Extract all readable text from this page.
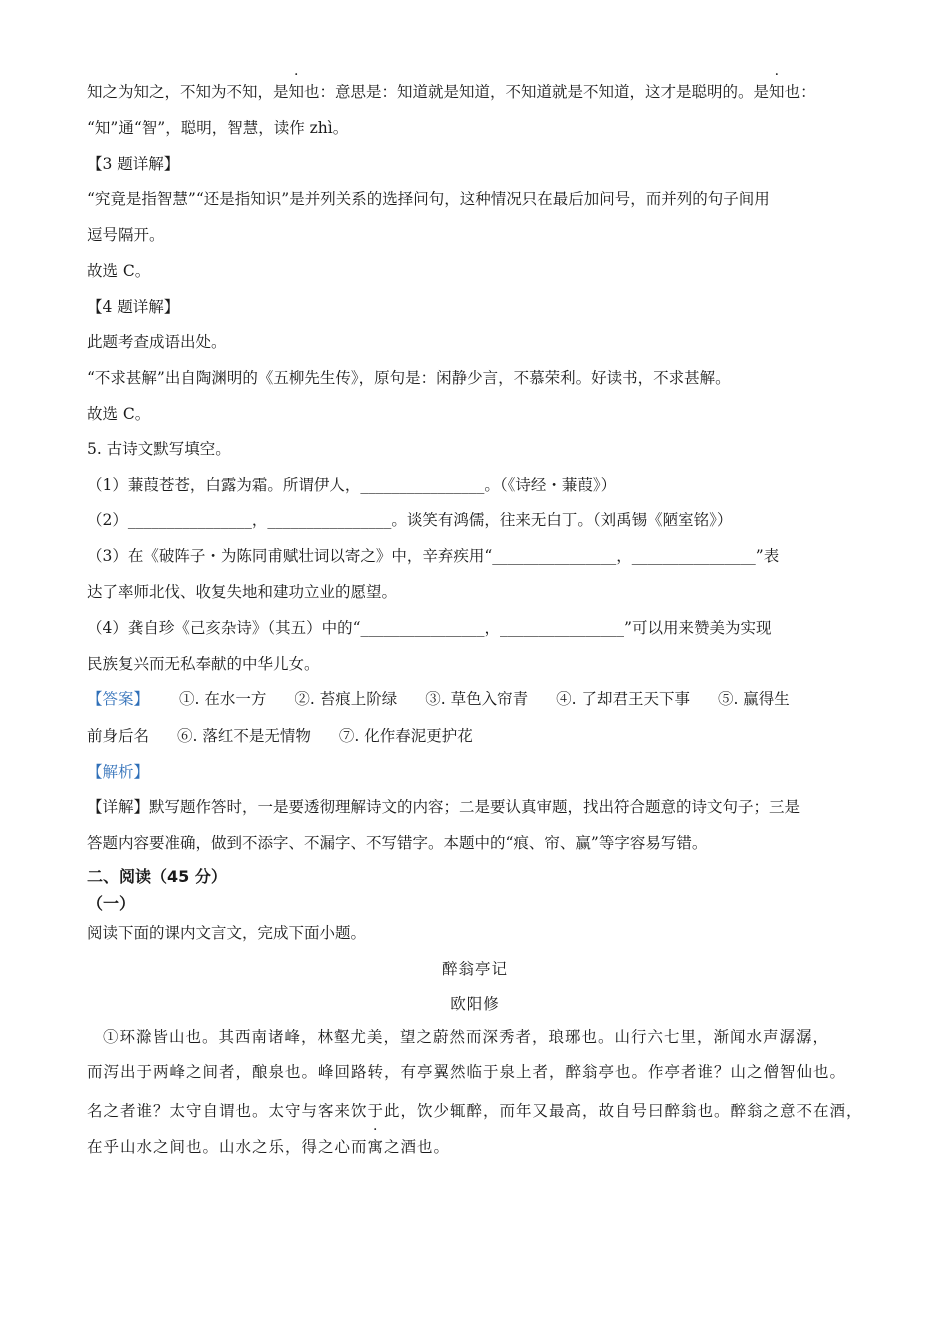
知之为知之，不知为不知，是知也：意思是：知道就是知道，不知道就是不知道，这才是聪明的。是知也：
“知”通“智”，聪明，智慧，读作 zhì。
【3 题详解】
“究竟是指智慧”“还是指知识”是并列关系的选择问句，这种情况只在最后加问号，而并列的句子间用
逗号隔开。
故选 C。
【4 题详解】
此题考查成语出处。
“不求甚解”出自陶渊明的《五柳先生传》，原句是：闲静少言，不慕荣利。好读书，不求甚解。
故选 C。
5. 古诗文默写填空。
（1）蒹葭苍苍，白露为霜。所谓伊人，________________。（《诗经・蒹葭》）
（2）________________，________________。谈笑有鸿儒，往来无白丁。（刘禹锡《陋室铭》）
（3）在《破阵子・为陈同甫赋壮词以寄之》中，辛弃疾用“________________，________________”表
达了率师北伐、收复失地和建功立业的愿望。
（4）龚自珍《己亥杂诗》（其五）中的“________________，________________”可以用来赞美为实现
民族复兴而无私奉献的中华儿女。
【答案】 ①. 在水一方 ②. 苔痕上阶绿 ③. 草色入帘青 ④. 了却君王天下事 ⑤. 赢得生
前身后名 ⑥. 落红不是无情物 ⑦. 化作春泥更护花
【解析】
【详解】默写题作答时，一是要透彻理解诗文的内容；二是要认真审题，找出符合题意的诗文句子；三是
答题内容要准确，做到不添字、不漏字、不写错字。本题中的“痕、帘、赢”等字容易写错。
二、阅读（45 分）
（一）
阅读下面的课内文言文，完成下面小题。
醉翁亭记
欧阳修
①环滁皆山也。其西南诸峰，林壑尤美，望之蔚然而深秀者，琅琊也。山行六七里，渐闻水声潺潺，
而泻出于两峰之间者，酿泉也。峰回路转，有亭翼然临于泉上者，醉翁亭也。作亭者谁？山之僧智仙也。
名之者谁？太守自谓也。太守与客来饮于此，饮少辄醉，而年又最高，故自号曰醉翁也。醉翁之意不在酒，
在乎山水之间也。山水之乐，得之心而寓之酒也。
